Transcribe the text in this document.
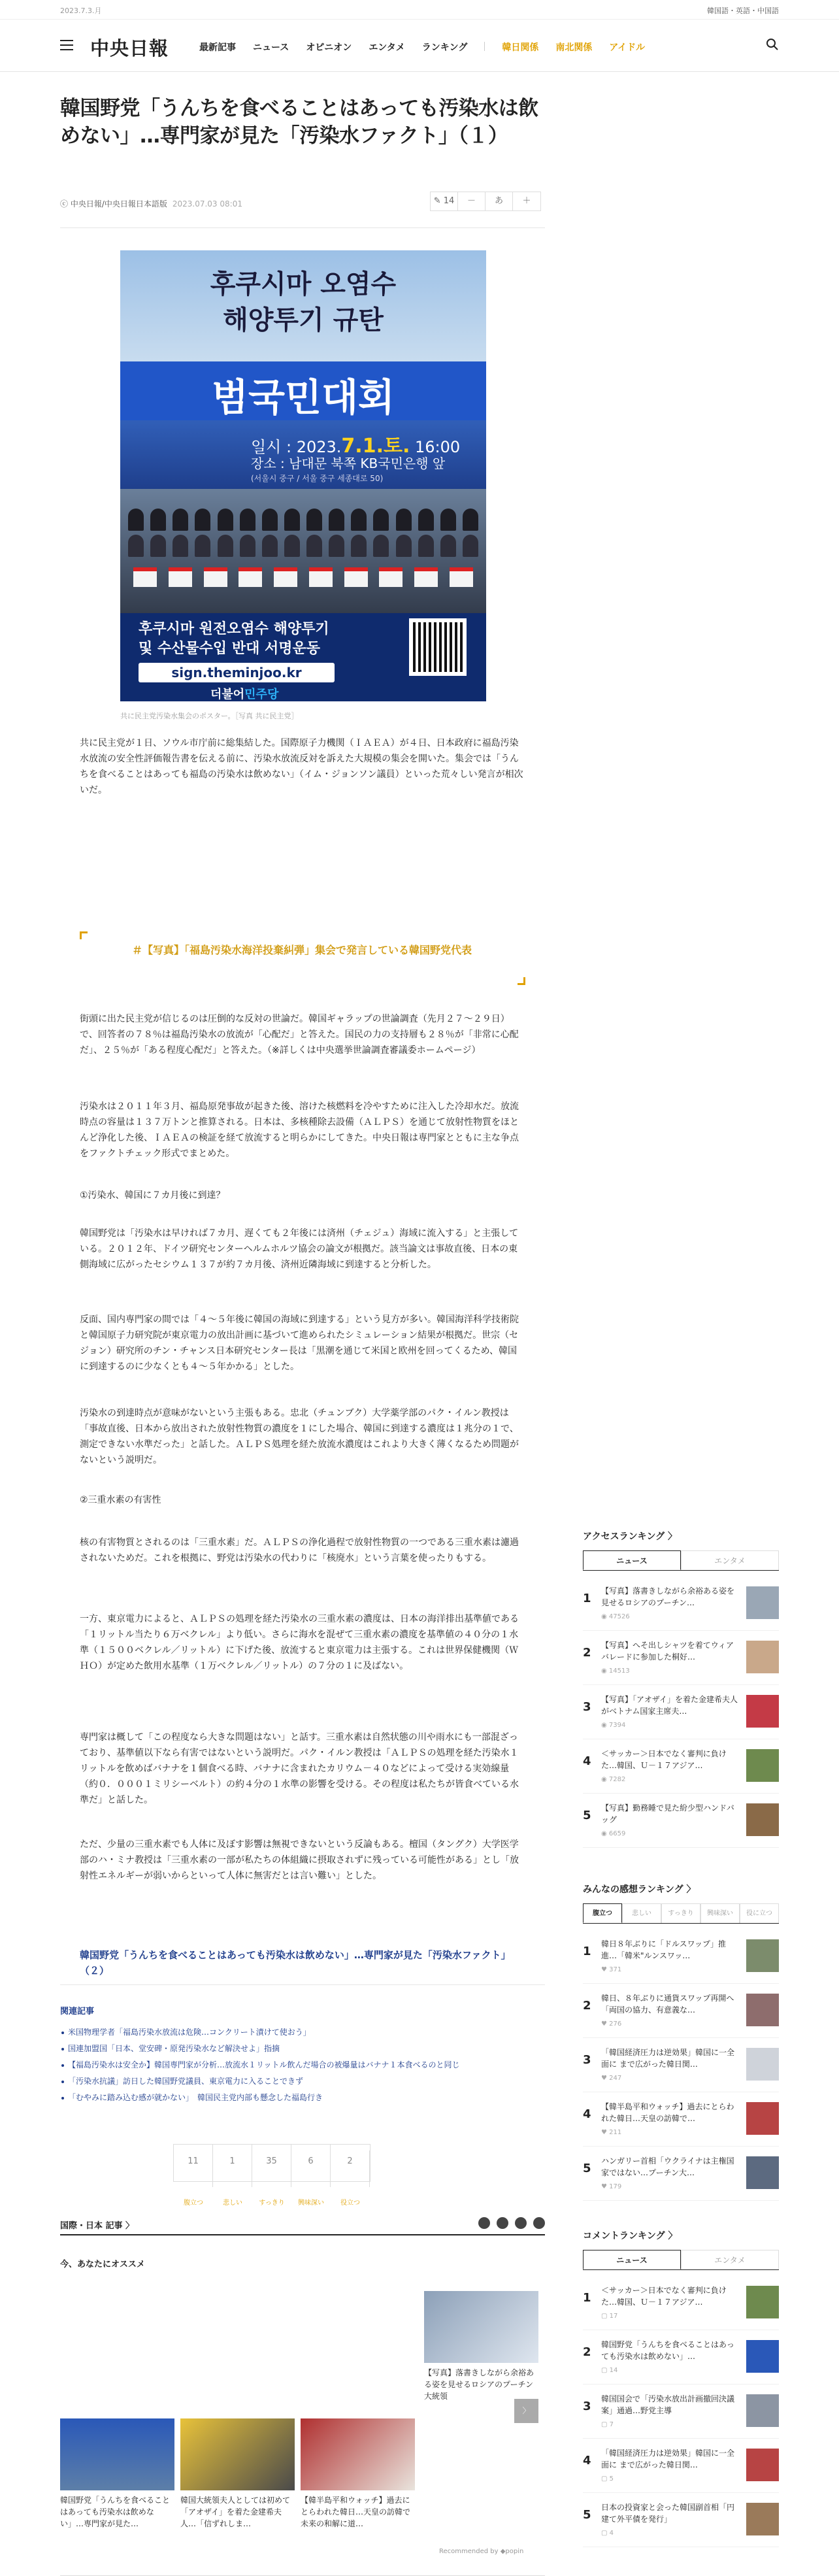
2023.7.3.月	韓国語・英語・中国語
中央日報	最新記事 ニュース オピニオン エンタメ ランキング	韓日関係 南北関係 アイドル
韓国野党「うんちを食べることはあっても汚染水は飲めない」…専門家が見た「汚染水ファクト」（１）
ⓒ 中央日報/中央日報日本語版 2023.07.03 08:01	✎ 14	－	あ	＋
후쿠시마 오염수
해양투기 규탄
범국민대회
일시 : 2023.7.1.토. 16:00
장소 : 남대문 북쪽 KB국민은행 앞
(서울시 중구 / 서울 중구 세종대로 50)
후쿠시마 원전오염수 해양투기
및 수산물수입 반대 서명운동
sign.theminjoo.kr
더불어민주당
共に民主党汚染水集会のポスター。［写真 共に民主党］

共に民主党が１日、ソウル市庁前に総集結した。国際原子力機関（ＩＡＥＡ）が４日、日本政府に福島汚染水放流の安全性評価報告書を伝える前に、汚染水放流反対を訴えた大規模の集会を開いた。集会では「うんちを食べることはあっても福島の汚染水は飲めない」（イム・ジョンソン議員）といった荒々しい発言が相次いだ。

＃【写真】「福島汚染水海洋投棄糾弾」集会で発言している韓国野党代表

街頭に出た民主党が信じるのは圧倒的な反対の世論だ。韓国ギャラップの世論調査（先月２７～２９日）で、回答者の７８％は福島汚染水の放流が「心配だ」と答えた。国民の力の支持層も２８％が「非常に心配だ」、２５％が「ある程度心配だ」と答えた。（※詳しくは中央選挙世論調査審議委ホームページ）

汚染水は２０１１年３月、福島原発事故が起きた後、溶けた核燃料を冷やすために注入した冷却水だ。放流時点の容量は１３７万トンと推算される。日本は、多核種除去設備（ＡＬＰＳ）を通じて放射性物質をほとんど浄化した後、ＩＡＥＡの検証を経て放流すると明らかにしてきた。中央日報は専門家とともに主な争点をファクトチェック形式でまとめた。

①汚染水、韓国に７カ月後に到達？

韓国野党は「汚染水は早ければ７カ月、遅くても２年後には済州（チェジュ）海域に流入する」と主張している。２０１２年、ドイツ研究センターヘルムホルツ協会の論文が根拠だ。該当論文は事故直後、日本の東側海域に広がったセシウム１３７が約７カ月後、済州近隣海域に到達すると分析した。

反面、国内専門家の間では「４～５年後に韓国の海域に到達する」という見方が多い。韓国海洋科学技術院と韓国原子力研究院が東京電力の放出計画に基づいて進められたシミュレーション結果が根拠だ。世宗（セジョン）研究所のチン・チャンス日本研究センター長は「黒潮を通じて米国と欧州を回ってくるため、韓国に到達するのに少なくとも４～５年かかる」とした。

汚染水の到達時点が意味がないという主張もある。忠北（チュンブク）大学薬学部のパク・イルン教授は「事故直後、日本から放出された放射性物質の濃度を１にした場合、韓国に到達する濃度は１兆分の１で、測定できない水準だった」と話した。ＡＬＰＳ処理を経た放流水濃度はこれより大きく薄くなるため問題がないという説明だ。

②三重水素の有害性

核の有害物質とされるのは「三重水素」だ。ＡＬＰＳの浄化過程で放射性物質の一つである三重水素は濾過されないためだ。これを根拠に、野党は汚染水の代わりに「核廃水」という言葉を使ったりもする。

一方、東京電力によると、ＡＬＰＳの処理を経た汚染水の三重水素の濃度は、日本の海洋排出基準値である「１リットル当たり６万ベクレル」より低い。さらに海水を混ぜて三重水素の濃度を基準値の４０分の１水準（１５００ベクレル／リットル）に下げた後、放流すると東京電力は主張する。これは世界保健機関（ＷＨＯ）が定めた飲用水基準（１万ベクレル／リットル）の７分の１に及ばない。

専門家は概して「この程度なら大きな問題はない」と話す。三重水素は自然状態の川や雨水にも一部混ざっており、基準値以下なら有害ではないという説明だ。パク・イルン教授は「ＡＬＰＳの処理を経た汚染水１リットルを飲めばバナナを１個食べる時、バナナに含まれたカリウム－４０などによって受ける実効線量（約０．０００１ミリシーベルト）の約４分の１水準の影響を受ける。その程度は私たちが皆食べている水準だ」と話した。

ただ、少量の三重水素でも人体に及ぼす影響は無視できないという反論もある。檀国（タングク）大学医学部のハ・ミナ教授は「三重水素の一部が私たちの体組織に摂取されずに残っている可能性がある」とし「放射性エネルギーが弱いからといって人体に無害だとは言い難い」とした。

韓国野党「うんちを食べることはあっても汚染水は飲めない」…専門家が見た「汚染水ファクト」（２）
関連記事
米国物理学者「福島汚染水放流は危険…コンクリート漬けて使おう」
国連加盟国「日本、堂安碑・原発汚染水など解決せよ」指摘
【福島汚染水は安全か】韓国専門家が分析…放流水１リットル飲んだ場合の被爆量はバナナ１本食べるのと同じ
「汚染水抗議」訪日した韓国野党議員、東京電力に入ることできず
「むやみに踏み込む感が就かない」　韓国民主党内部も懸念した福島行き
11
腹立つ
1
悲しい
35
すっきり
6
興味深い
2
役立つ
国際・日本 記事 〉
今、あなたにオススメ
【写真】落書きしながら余裕ある姿を見せるロシアのプーチン大統領
〉
韓国野党「うんちを食べることはあっても汚染水は飲めない」…専門家が見た…
韓国大統領夫人としては初めて「アオザイ」を着た金建希夫人…「信ずれしま…
【韓半島平和ウォッチ】過去にとらわれた韓日…天皇の訪韓で未来の和解に道…
Recommended by ◆popin
アクセスランキング 〉
ニュース	エンタメ
1
【写真】落書きしながら余裕ある姿を見せるロシアのプーチン…
◉ 47526
2
【写真】へそ出しシャツを着てウィアバレードに参加した桐好…
◉ 14513
3
【写真】「アオザイ」を着た金建希夫人がベトナム国家主席夫…
◉ 7394
4
＜サッカー＞日本でなく審判に負けた…韓国、Ｕ－１７アジア…
◉ 7282
5
【写真】勤務睡で見た紛少型ハンドバッグ
◉ 6659
みんなの感想ランキング 〉
腹立つ	悲しい	すっきり	興味深い	役に立つ
1
韓日８年ぶりに「ドルスワップ」推進…「韓米"ルンスワッ…
♥ 371
2
韓日、８年ぶりに通貨スワップ再開へ「両国の協力、有意義な…
♥ 276
3
「韓国経済圧力は逆効果」韓国に一全面に まで広がった韓日関…
♥ 247
4
【韓半島平和ウォッチ】過去にとらわれた韓日…天皇の訪韓で…
♥ 211
5
ハンガリー首相「ウクライナは主権国家ではない…プーチン大…
♥ 179
コメントランキング 〉
ニュース	エンタメ
1
＜サッカー＞日本でなく審判に負けた…韓国、Ｕ－１７アジア…
▢ 17
2
韓国野党「うんちを食べることはあっても汚染水は飲めない」…
▢ 14
3
韓国国会で「汚染水放出計画撤回決議案」通過…野党主導
▢ 7
4
「韓国経済圧力は逆効果」韓国に一全面に まで広がった韓日関…
▢ 5
5
日本の投資家と会った韓国副首相「円建て外平債を発行」
▢ 4
